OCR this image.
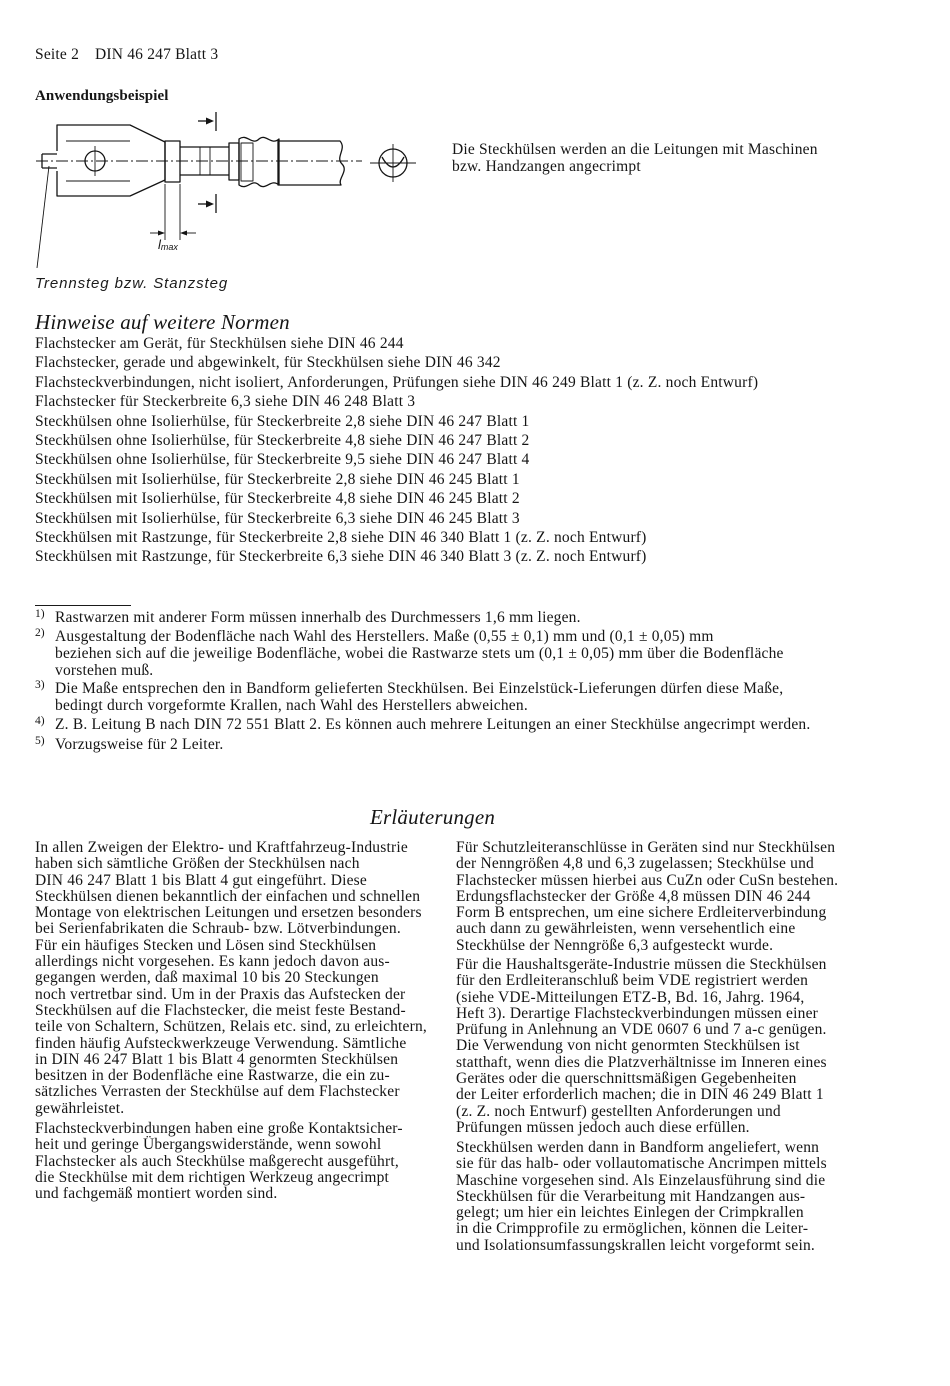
Seite 2 DIN 46 247 Blatt 3
Anwendungsbeispiel
lmax
Die Steckhülsen werden an die Leitungen mit Maschinen
bzw. Handzangen angecrimpt
Trennsteg bzw. Stanzsteg
Hinweise auf weitere Normen
Flachstecker am Gerät, für Steckhülsen siehe DIN 46 244
Flachstecker, gerade und abgewinkelt, für Steckhülsen siehe DIN 46 342
Flachsteckverbindungen, nicht isoliert, Anforderungen, Prüfungen siehe DIN 46 249 Blatt 1 (z. Z. noch Entwurf)
Flachstecker für Steckerbreite 6,3 siehe DIN 46 248 Blatt 3
Steckhülsen ohne Isolierhülse, für Steckerbreite 2,8 siehe DIN 46 247 Blatt 1
Steckhülsen ohne Isolierhülse, für Steckerbreite 4,8 siehe DIN 46 247 Blatt 2
Steckhülsen ohne Isolierhülse, für Steckerbreite 9,5 siehe DIN 46 247 Blatt 4
Steckhülsen mit Isolierhülse, für Steckerbreite 2,8 siehe DIN 46 245 Blatt 1
Steckhülsen mit Isolierhülse, für Steckerbreite 4,8 siehe DIN 46 245 Blatt 2
Steckhülsen mit Isolierhülse, für Steckerbreite 6,3 siehe DIN 46 245 Blatt 3
Steckhülsen mit Rastzunge, für Steckerbreite 2,8 siehe DIN 46 340 Blatt 1 (z. Z. noch Entwurf)
Steckhülsen mit Rastzunge, für Steckerbreite 6,3 siehe DIN 46 340 Blatt 3 (z. Z. noch Entwurf)
1) Rastwarzen mit anderer Form müssen innerhalb des Durchmessers 1,6 mm liegen.
2) Ausgestaltung der Bodenfläche nach Wahl des Herstellers. Maße (0,55 ± 0,1) mm und (0,1 ± 0,05) mm
beziehen sich auf die jeweilige Bodenfläche, wobei die Rastwarze stets um (0,1 ± 0,05) mm über die Bodenfläche
vorstehen muß.
3) Die Maße entsprechen den in Bandform gelieferten Steckhülsen. Bei Einzelstück-Lieferungen dürfen diese Maße,
bedingt durch vorgeformte Krallen, nach Wahl des Herstellers abweichen.
4) Z. B. Leitung B nach DIN 72 551 Blatt 2. Es können auch mehrere Leitungen an einer Steckhülse angecrimpt werden.
5) Vorzugsweise für 2 Leiter.
Erläuterungen
In allen Zweigen der Elektro- und Kraftfahrzeug-Industrie
haben sich sämtliche Größen der Steckhülsen nach
DIN 46 247 Blatt 1 bis Blatt 4 gut eingeführt. Diese
Steckhülsen dienen bekanntlich der einfachen und schnellen
Montage von elektrischen Leitungen und ersetzen besonders
bei Serienfabrikaten die Schraub- bzw. Lötverbindungen.
Für ein häufiges Stecken und Lösen sind Steckhülsen
allerdings nicht vorgesehen. Es kann jedoch davon aus-
gegangen werden, daß maximal 10 bis 20 Steckungen
noch vertretbar sind. Um in der Praxis das Aufstecken der
Steckhülsen auf die Flachstecker, die meist feste Bestand-
teile von Schaltern, Schützen, Relais etc. sind, zu erleichtern,
finden häufig Aufsteckwerkzeuge Verwendung. Sämtliche
in DIN 46 247 Blatt 1 bis Blatt 4 genormten Steckhülsen
besitzen in der Bodenfläche eine Rastwarze, die ein zu-
sätzliches Verrasten der Steckhülse auf dem Flachstecker
gewährleistet.
Flachsteckverbindungen haben eine große Kontaktsicher-
heit und geringe Übergangswiderstände, wenn sowohl
Flachstecker als auch Steckhülse maßgerecht ausgeführt,
die Steckhülse mit dem richtigen Werkzeug angecrimpt
und fachgemäß montiert worden sind.
Für Schutzleiteranschlüsse in Geräten sind nur Steckhülsen
der Nenngrößen 4,8 und 6,3 zugelassen; Steckhülse und
Flachstecker müssen hierbei aus CuZn oder CuSn bestehen.
Erdungsflachstecker der Größe 4,8 müssen DIN 46 244
Form B entsprechen, um eine sichere Erdleiterverbindung
auch dann zu gewährleisten, wenn versehentlich eine
Steckhülse der Nenngröße 6,3 aufgesteckt wurde.
Für die Haushaltsgeräte-Industrie müssen die Steckhülsen
für den Erdleiteranschluß beim VDE registriert werden
(siehe VDE-Mitteilungen ETZ-B, Bd. 16, Jahrg. 1964,
Heft 3). Derartige Flachsteckverbindungen müssen einer
Prüfung in Anlehnung an VDE 0607 6 und 7 a-c genügen.
Die Verwendung von nicht genormten Steckhülsen ist
statthaft, wenn dies die Platzverhältnisse im Inneren eines
Gerätes oder die querschnittsmäßigen Gegebenheiten
der Leiter erforderlich machen; die in DIN 46 249 Blatt 1
(z. Z. noch Entwurf) gestellten Anforderungen und
Prüfungen müssen jedoch auch diese erfüllen.
Steckhülsen werden dann in Bandform angeliefert, wenn
sie für das halb- oder vollautomatische Ancrimpen mittels
Maschine vorgesehen sind. Als Einzelausführung sind die
Steckhülsen für die Verarbeitung mit Handzangen aus-
gelegt; um hier ein leichtes Einlegen der Crimpkrallen
in die Crimpprofile zu ermöglichen, können die Leiter-
und Isolationsumfassungskrallen leicht vorgeformt sein.
